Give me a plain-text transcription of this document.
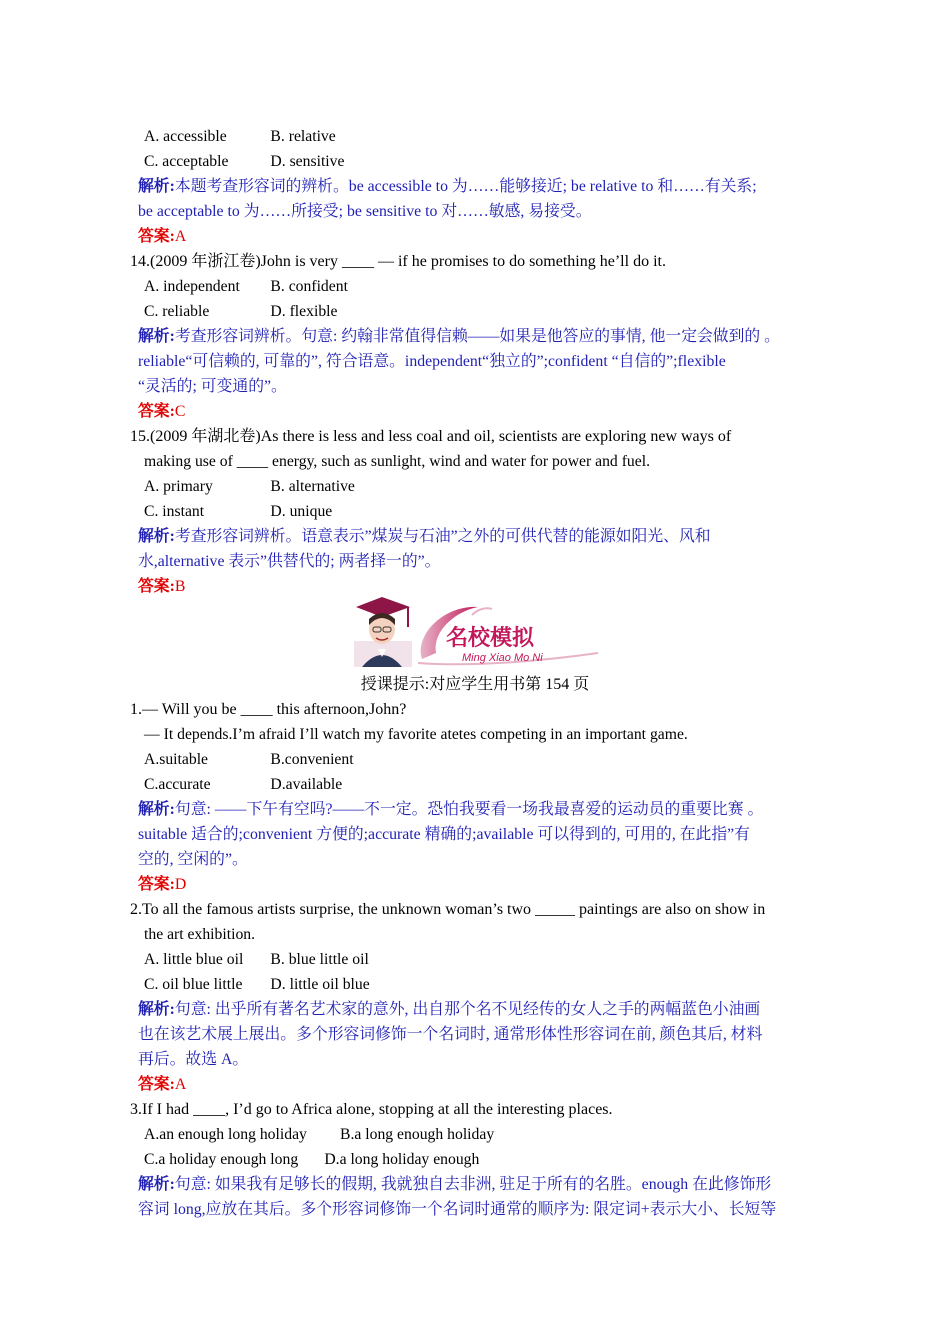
A. accessible	B. relative
C. acceptable	D. sensitive
解析:本题考查形容词的辨析。be accessible to 为……能够接近; be relative to 和……有关系;
be acceptable to 为……所接受; be sensitive to 对……敏感, 易接受。
答案:A
14.(2009 年浙江卷)John is very ____ — if he promises to do something he’ll do it.
A. independent B. confident
C. reliable	D. flexible
解析:考查形容词辨析。句意: 约翰非常值得信赖——如果是他答应的事情, 他一定会做到的 。
reliable“可信赖的, 可靠的”, 符合语意。independent“独立的”;confident “自信的”;flexible
“灵活的; 可变通的”。
答案:C
15.(2009 年湖北卷)As there is less and less coal and oil, scientists are exploring new ways of
making use of ____ energy, such as sunlight, wind and water for power and fuel.
A. primary	B. alternative
C. instant	D. unique
解析:考查形容词辨析。语意表示”煤炭与石油”之外的可供代替的能源如阳光、风和
水,alternative 表示”供替代的; 两者择一的”。
答案:B
名校模拟
Ming Xiao Mo Ni
授课提示:对应学生用书第 154 页
1.— Will you be ____ this afternoon,John?
— It depends.I’m afraid I’ll watch my favorite atetes competing in an important game.
A.suitable	B.convenient
C.accurate	D.available
解析:句意: ——下午有空吗?——不一定。恐怕我要看一场我最喜爱的运动员的重要比赛 。
suitable 适合的;convenient 方便的;accurate 精确的;available 可以得到的, 可用的, 在此指”有
空的, 空闲的”。
答案:D
2.To all the famous artists surprise, the unknown woman’s two _____ paintings are also on show in
the art exhibition.
A. little blue oil B. blue little oil
C. oil blue little D. little oil blue
解析:句意: 出乎所有著名艺术家的意外, 出自那个名不见经传的女人之手的两幅蓝色小油画
也在该艺术展上展出。多个形容词修饰一个名词时, 通常形体性形容词在前, 颜色其后, 材料
再后。故选 A。
答案:A
3.If I had ____, I’d go to Africa alone, stopping at all the interesting places.
A.an enough long holiday B.a long enough holiday
C.a holiday enough long D.a long holiday enough
解析:句意: 如果我有足够长的假期, 我就独自去非洲, 驻足于所有的名胜。enough 在此修饰形
容词 long,应放在其后。多个形容词修饰一个名词时通常的顺序为: 限定词+表示大小、长短等
